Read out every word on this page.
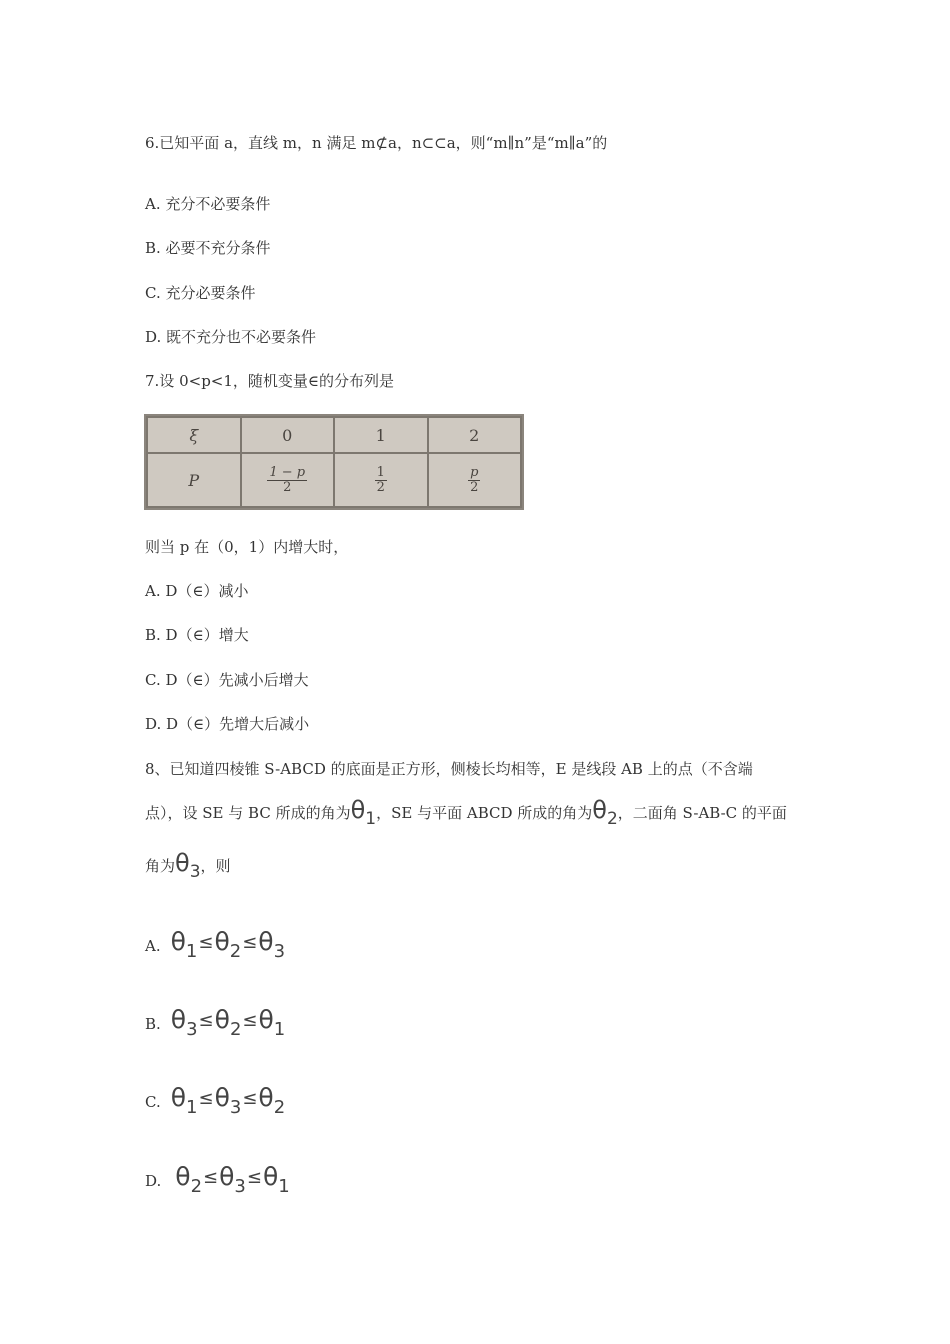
6.已知平面 a，直线 m，n 满足 m⊄a，n⊂⊂a，则“m∥n”是“m∥a”的
A. 充分不必要条件
B. 必要不充分条件
C. 充分必要条件
D. 既不充分也不必要条件
7.设 0<p<1，随机变量∈的分布列是
ξ	0	1	2
P	$\frac{1 - p}{2}$	$\frac{1}{2}$	$\frac{p}{2}$
则当 p 在（0，1）内增大时，
A. D（∈）减小
B. D（∈）增大
C. D（∈）先减小后增大
D. D（∈）先增大后减小
8、已知道四棱锥 S-ABCD 的底面是正方形，侧棱长均相等，E 是线段 AB 上的点（不含端
点），设 SE 与 BC 所成的角为$\theta_1$，SE 与平面 ABCD 所成的角为$\theta_2$，二面角 S-AB-C 的平面
角为$\theta_3$，则
A. $\theta_1\le\theta_2\le\theta_3$
B. $\theta_3\le\theta_2\le\theta_1$
C. $\theta_1\le\theta_3\le\theta_2$
D. $\theta_2\le\theta_3\le\theta_1$
